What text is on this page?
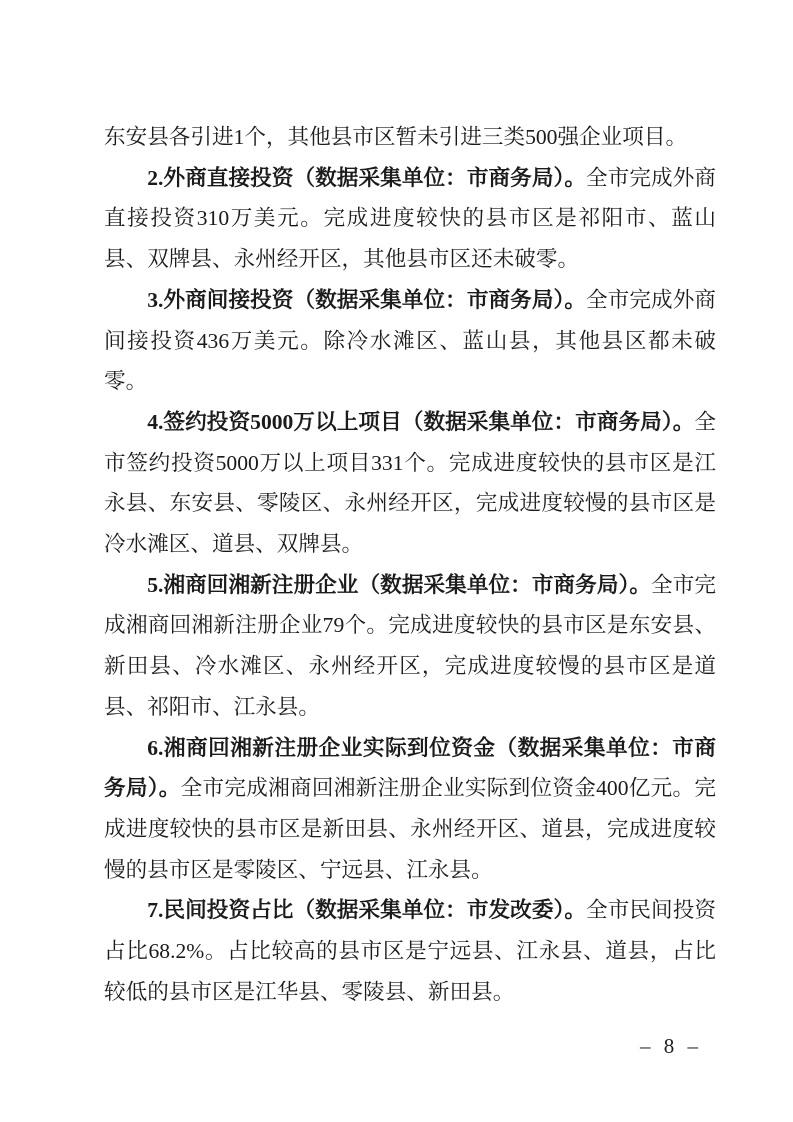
东安县各引进1个，其他县市区暂未引进三类500强企业项目。

2.外商直接投资（数据采集单位：市商务局）。全市完成外商直接投资310万美元。完成进度较快的县市区是祁阳市、蓝山县、双牌县、永州经开区，其他县市区还未破零。

3.外商间接投资（数据采集单位：市商务局）。全市完成外商间接投资436万美元。除冷水滩区、蓝山县，其他县区都未破零。

4.签约投资5000万以上项目（数据采集单位：市商务局）。全市签约投资5000万以上项目331个。完成进度较快的县市区是江永县、东安县、零陵区、永州经开区，完成进度较慢的县市区是冷水滩区、道县、双牌县。

5.湘商回湘新注册企业（数据采集单位：市商务局）。全市完成湘商回湘新注册企业79个。完成进度较快的县市区是东安县、新田县、冷水滩区、永州经开区，完成进度较慢的县市区是道县、祁阳市、江永县。

6.湘商回湘新注册企业实际到位资金（数据采集单位：市商务局）。全市完成湘商回湘新注册企业实际到位资金400亿元。完成进度较快的县市区是新田县、永州经开区、道县，完成进度较慢的县市区是零陵区、宁远县、江永县。

7.民间投资占比（数据采集单位：市发改委）。全市民间投资占比68.2%。占比较高的县市区是宁远县、江永县、道县，占比较低的县市区是江华县、零陵县、新田县。

– 8 –
